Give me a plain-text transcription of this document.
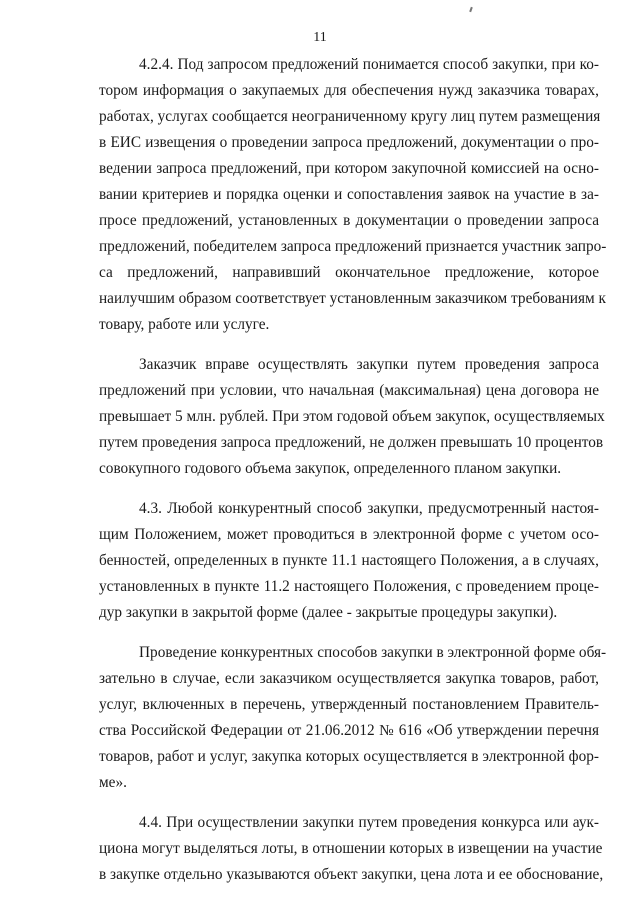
11
4.2.4. Под запросом предложений понимается способ закупки, при ко-
тором информация о закупаемых для обеспечения нужд заказчика товарах,
работах, услугах сообщается неограниченному кругу лиц путем размещения
в ЕИС извещения о проведении запроса предложений, документации о про-
ведении запроса предложений, при котором закупочной комиссией на осно-
вании критериев и порядка оценки и сопоставления заявок на участие в за-
просе предложений, установленных в документации о проведении запроса
предложений, победителем запроса предложений признается участник запро-
са предложений, направивший окончательное предложение, которое
наилучшим образом соответствует установленным заказчиком требованиям к
товару, работе или услуге.
Заказчик вправе осуществлять закупки путем проведения запроса
предложений при условии, что начальная (максимальная) цена договора не
превышает 5 млн. рублей. При этом годовой объем закупок, осуществляемых
путем проведения запроса предложений, не должен превышать 10 процентов
совокупного годового объема закупок, определенного планом закупки.
4.3. Любой конкурентный способ закупки, предусмотренный настоя-
щим Положением, может проводиться в электронной форме с учетом осо-
бенностей, определенных в пункте 11.1 настоящего Положения, а в случаях,
установленных в пункте 11.2 настоящего Положения, с проведением проце-
дур закупки в закрытой форме (далее - закрытые процедуры закупки).
Проведение конкурентных способов закупки в электронной форме обя-
зательно в случае, если заказчиком осуществляется закупка товаров, работ,
услуг, включенных в перечень, утвержденный постановлением Правитель-
ства Российской Федерации от 21.06.2012 № 616 «Об утверждении перечня
товаров, работ и услуг, закупка которых осуществляется в электронной фор-
ме».
4.4. При осуществлении закупки путем проведения конкурса или аук-
циона могут выделяться лоты, в отношении которых в извещении на участие
в закупке отдельно указываются объект закупки, цена лота и ее обоснование,
